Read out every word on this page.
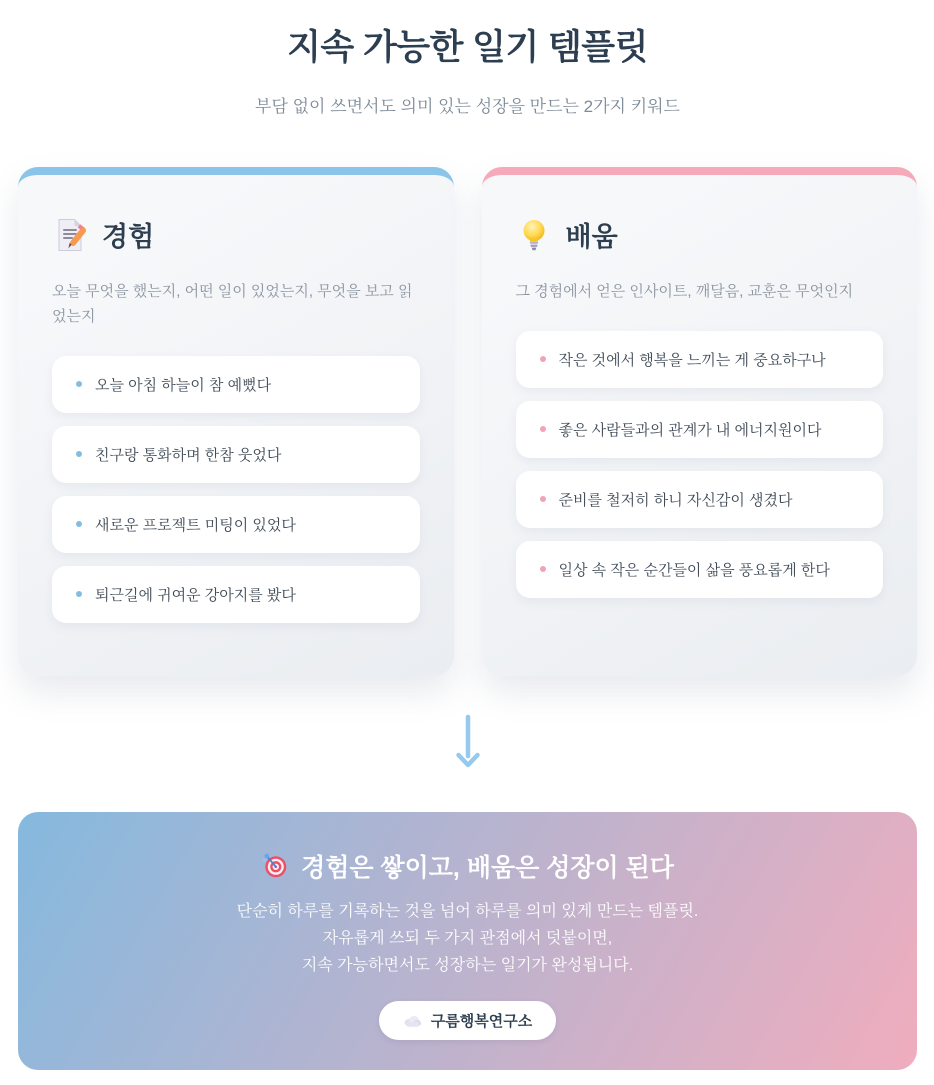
지속 가능한 일기 템플릿

부담 없이 쓰면서도 의미 있는 성장을 만드는 2가지 키워드

경험

오늘 무엇을 했는지, 어떤 일이 있었는지, 무엇을 보고 읽었는지

오늘 아침 하늘이 참 예뻤다
친구랑 통화하며 한참 웃었다
새로운 프로젝트 미팅이 있었다
퇴근길에 귀여운 강아지를 봤다
배움

그 경험에서 얻은 인사이트, 깨달음, 교훈은 무엇인지

작은 것에서 행복을 느끼는 게 중요하구나
좋은 사람들과의 관계가 내 에너지원이다
준비를 철저히 하니 자신감이 생겼다
일상 속 작은 순간들이 삶을 풍요롭게 한다
경험은 쌓이고, 배움은 성장이 된다
단순히 하루를 기록하는 것을 넘어 하루를 의미 있게 만드는 템플릿.
자유롭게 쓰되 두 가지 관점에서 덧붙이면,
지속 가능하면서도 성장하는 일기가 완성됩니다.
구름행복연구소
